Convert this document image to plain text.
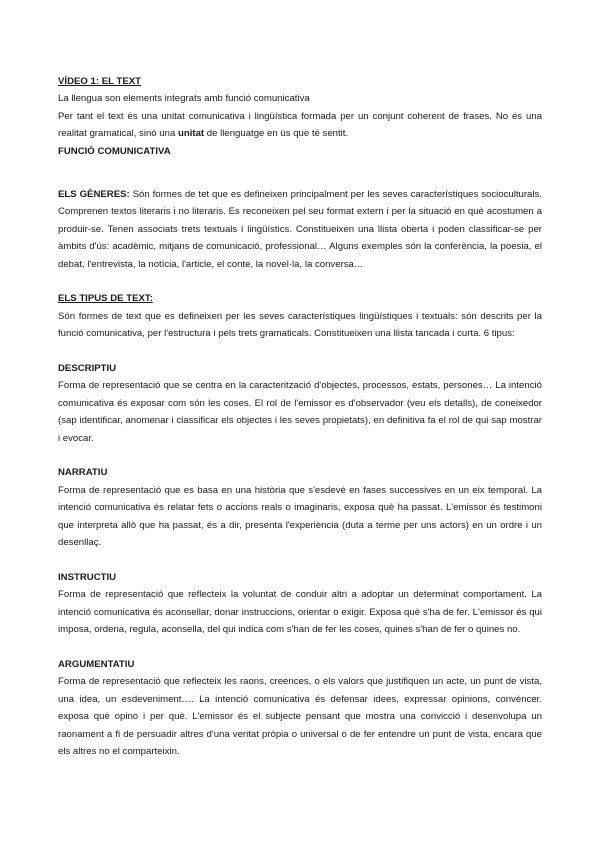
VÍDEO 1: EL TEXT

La llengua son elements integrats amb funció comunicativa

Per tant el text és una unitat comunicativa i lingüística formada per un conjunt coherent de frases. No és una realitat gramatical, sinó una unitat de llenguatge en ús que té sentit.

FUNCIÓ COMUNICATIVA

ELS GÈNERES: Són formes de tet que es defineixen principalment per les seves característiques socioculturals. Comprenen textos literaris i no literaris. Es reconeixen pel seu format extern i per la situació en què acostumen a produir-se. Tenen associats trets textuals i lingüístics. Constitueixen una llista oberta i poden classificar-se per àmbits d'ús: acadèmic, mitjans de comunicació, professional… Alguns exemples són la conferència, la poesia, el debat, l'entrevista, la notícia, l'article, el conte, la novel·la, la conversa…

ELS TIPUS DE TEXT:

Són formes de text que es defineixen per les seves característiques lingüístiques i textuals: són descrits per la funció comunicativa, per l'estructura i pels trets gramaticals. Constitueixen una llista tancada i curta. 6 tipus:

DESCRIPTIU

Forma de representació que se centra en la caracterització d'objectes, processos, estats, persones… La intenció comunicativa és exposar com són les coses. El rol de l'emissor es d'observador (veu els detalls), de coneixedor (sap identificar, anomenar i classificar els objectes i les seves propietats), en definitiva fa el rol de qui sap mostrar i evocar.

NARRATIU

Forma de representació que es basa en una història que s'esdevé en fases successives en un eix temporal. La intenció comunicativa és relatar fets o accions reals o imaginaris, exposa què ha passat. L'emissor és testimoni que interpreta allò que ha passat, és a dir, presenta l'experiència (duta a terme per uns actors) en un ordre i un desenllaç.

INSTRUCTIU

Forma de representació que reflecteix la voluntat de conduir altri a adoptar un determinat comportament. La intenció comunicativa és aconsellar, donar instruccions, orientar o exigir. Exposa què s'ha de fer. L'emissor és qui imposa, ordena, regula, aconsella, del qui indica com s'han de fer les coses, quines s'han de fer o quines no.

ARGUMENTATIU

Forma de representació que reflecteix les raons, creences, o els valors que justifiquen un acte, un punt de vista, una idea, un esdeveniment…. La intenció comunicativa és defensar idees, expressar opinions, convèncer. exposa què opino i per què. L'emissor és el subjecte pensant que mostra una convicció i desenvolupa un raonament a fi de persuadir altres d'una veritat pròpia o universal o de fer entendre un punt de vista, encara que els altres no el comparteixin.
